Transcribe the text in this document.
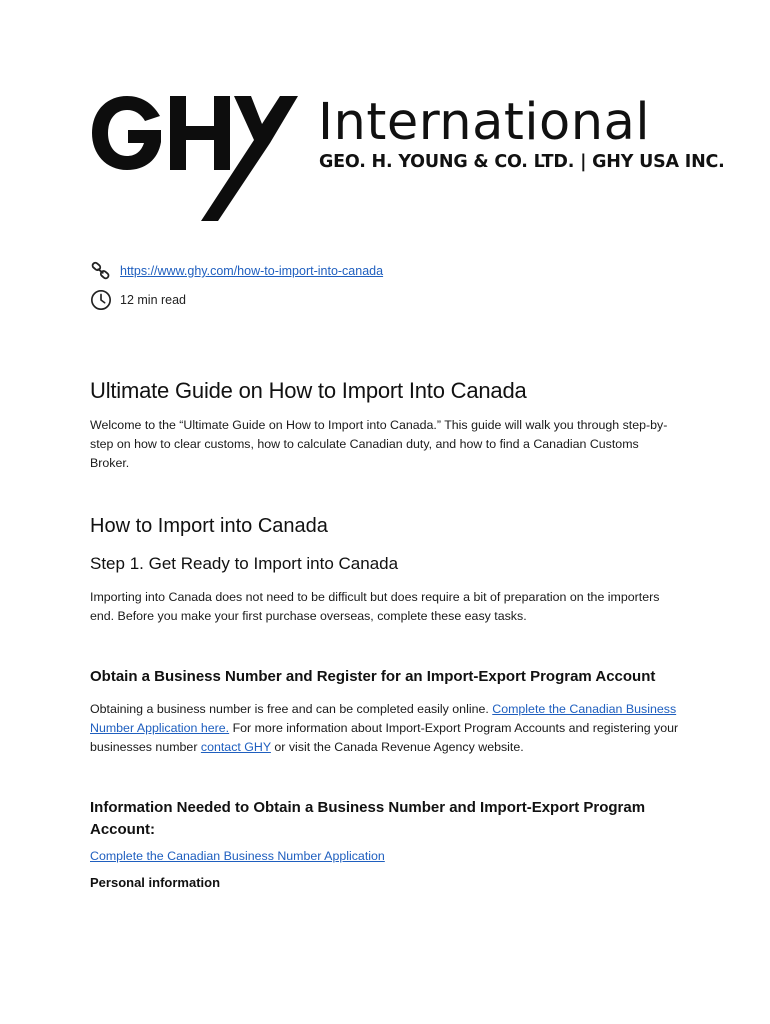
International
GEO. H. YOUNG & CO. LTD. | GHY USA INC.
https://www.ghy.com/how-to-import-into-canada
12 min read
Ultimate Guide on How to Import Into Canada

Welcome to the “Ultimate Guide on How to Import into Canada.” This guide will walk you through step-by-step on how to clear customs, how to calculate Canadian duty, and how to find a Canadian Customs Broker.

How to Import into Canada
Step 1. Get Ready to Import into Canada

Importing into Canada does not need to be difficult but does require a bit of preparation on the importers end. Before you make your first purchase overseas, complete these easy tasks.

Obtain a Business Number and Register for an Import-Export Program Account

Obtaining a business number is free and can be completed easily online. Complete the Canadian Business Number Application here. For more information about Import-Export Program Accounts and registering your businesses number contact GHY or visit the Canada Revenue Agency website.

Information Needed to Obtain a Business Number and Import-Export Program Account:
Complete the Canadian Business Number Application
Personal information
